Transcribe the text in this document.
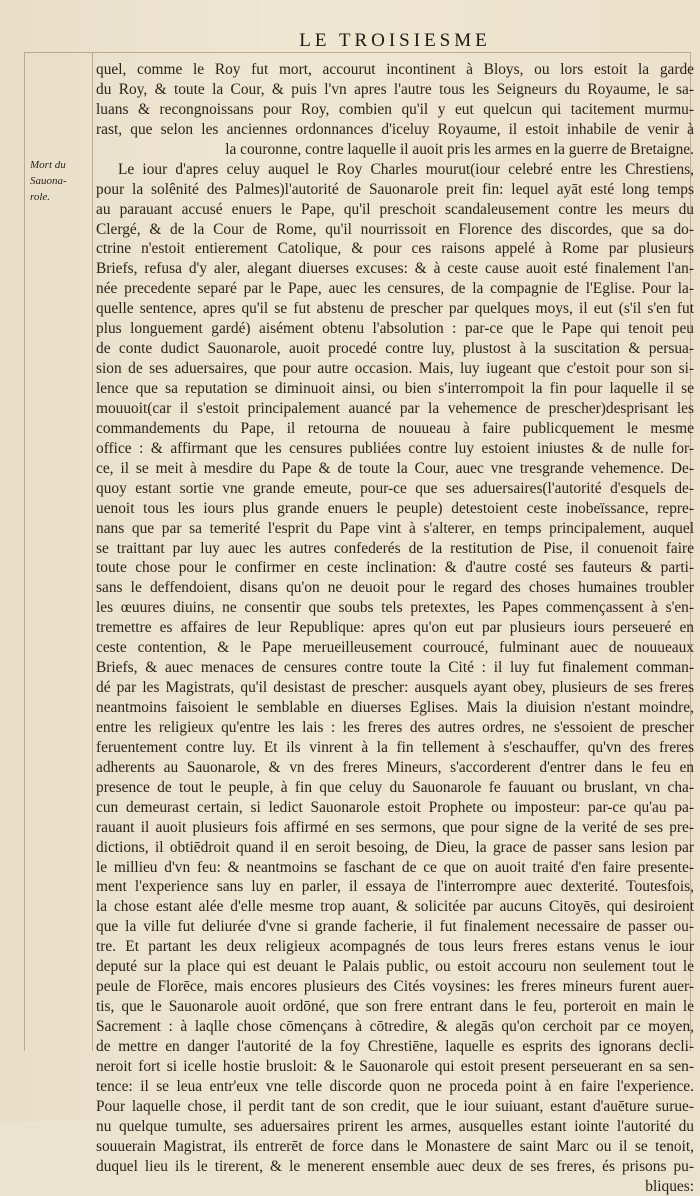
LE TROISIESME
Mort du
Sauona-
role.
quel, comme le Roy fut mort, accourut incontinent à Bloys, ou lors estoit la garde
du Roy, & toute la Cour, & puis l'vn apres l'autre tous les Seigneurs du Royaume, le sa-
luans & recongnoissans pour Roy, combien qu'il y eut quelcun qui tacitement murmu-
rast, que selon les anciennes ordonnances d'iceluy Royaume, il estoit inhabile de venir à
la couronne, contre laquelle il auoit pris les armes en la guerre de Bretaigne.
Le iour d'apres celuy auquel le Roy Charles mourut(iour celebré entre les Chrestiens,
pour la solênité des Palmes)l'autorité de Sauonarole preit fin: lequel ayāt esté long temps
au parauant accusé enuers le Pape, qu'il preschoit scandaleusement contre les meurs du
Clergé, & de la Cour de Rome, qu'il nourrissoit en Florence des discordes, que sa do-
ctrine n'estoit entierement Catolique, & pour ces raisons appelé à Rome par plusieurs
Briefs, refusa d'y aler, alegant diuerses excuses: & à ceste cause auoit esté finalement l'an-
née precedente separé par le Pape, auec les censures, de la compagnie de l'Eglise. Pour la-
quelle sentence, apres qu'il se fut abstenu de prescher par quelques moys, il eut (s'il s'en fut
plus longuement gardé) aisément obtenu l'absolution : par-ce que le Pape qui tenoit peu
de conte dudict Sauonarole, auoit procedé contre luy, plustost à la suscitation & persua-
sion de ses aduersaires, que pour autre occasion. Mais, luy iugeant que c'estoit pour son si-
lence que sa reputation se diminuoit ainsi, ou bien s'interrompoit la fin pour laquelle il se
mouuoit(car il s'estoit principalement auancé par la vehemence de prescher)desprisant les
commandements du Pape, il retourna de nouueau à faire publicquement le mesme
office : & affirmant que les censures publiées contre luy estoient iniustes & de nulle for-
ce, il se meit à mesdire du Pape & de toute la Cour, auec vne tresgrande vehemence. De-
quoy estant sortie vne grande emeute, pour-ce que ses aduersaires(l'autorité d'esquels de-
uenoit tous les iours plus grande enuers le peuple) detestoient ceste inobeïssance, repre-
nans que par sa temerité l'esprit du Pape vint à s'alterer, en temps principalement, auquel
se traittant par luy auec les autres confederés de la restitution de Pise, il conuenoit faire
toute chose pour le confirmer en ceste inclination: & d'autre costé ses fauteurs & parti-
sans le deffendoient, disans qu'on ne deuoit pour le regard des choses humaines troubler
les œuures diuins, ne consentir que soubs tels pretextes, les Papes commençassent à s'en-
tremettre es affaires de leur Republique: apres qu'on eut par plusieurs iours perseueré en
ceste contention, & le Pape merueilleusement courroucé, fulminant auec de nouueaux
Briefs, & auec menaces de censures contre toute la Cité : il luy fut finalement comman-
dé par les Magistrats, qu'il desistast de prescher: ausquels ayant obey, plusieurs de ses freres
neantmoins faisoient le semblable en diuerses Eglises. Mais la diuision n'estant moindre,
entre les religieux qu'entre les lais : les freres des autres ordres, ne s'essoient de prescher
feruentement contre luy. Et ils vinrent à la fin tellement à s'eschauffer, qu'vn des freres
adherents au Sauonarole, & vn des freres Mineurs, s'accorderent d'entrer dans le feu en
presence de tout le peuple, à fin que celuy du Sauonarole fe fauuant ou bruslant, vn cha-
cun demeurast certain, si ledict Sauonarole estoit Prophete ou imposteur: par-ce qu'au pa-
rauant il auoit plusieurs fois affirmé en ses sermons, que pour signe de la verité de ses pre-
dictions, il obtiēdroit quand il en seroit besoing, de Dieu, la grace de passer sans lesion par
le millieu d'vn feu: & neantmoins se faschant de ce que on auoit traité d'en faire presente-
ment l'experience sans luy en parler, il essaya de l'interrompre auec dexterité. Toutesfois,
la chose estant alée d'elle mesme trop auant, & solicitée par aucuns Citoyēs, qui desiroient
que la ville fut deliurée d'vne si grande facherie, il fut finalement necessaire de passer ou-
tre. Et partant les deux religieux acompagnés de tous leurs freres estans venus le iour
deputé sur la place qui est deuant le Palais public, ou estoit accouru non seulement tout le
peule de Florēce, mais encores plusieurs des Cités voysines: les freres mineurs furent auer-
tis, que le Sauonarole auoit ordōné, que son frere entrant dans le feu, porteroit en main le
Sacrement : à laqlle chose cōmençans à cōtredire, & alegās qu'on cerchoit par ce moyen,
de mettre en danger l'autorité de la foy Chrestiēne, laquelle es esprits des ignorans decli-
neroit fort si icelle hostie brusloit: & le Sauonarole qui estoit present perseuerant en sa sen-
tence: il se leua entr'eux vne telle discorde quon ne proceda point à en faire l'experience.
Pour laquelle chose, il perdit tant de son credit, que le iour suiuant, estant d'auēture surue-
nu quelque tumulte, ses aduersaires prirent les armes, ausquelles estant iointe l'autorité du
souuerain Magistrat, ils entrerēt de force dans le Monastere de saint Marc ou il se tenoit,
duquel lieu ils le tirerent, & le menerent ensemble auec deux de ses freres, és prisons pu-
bliques:
